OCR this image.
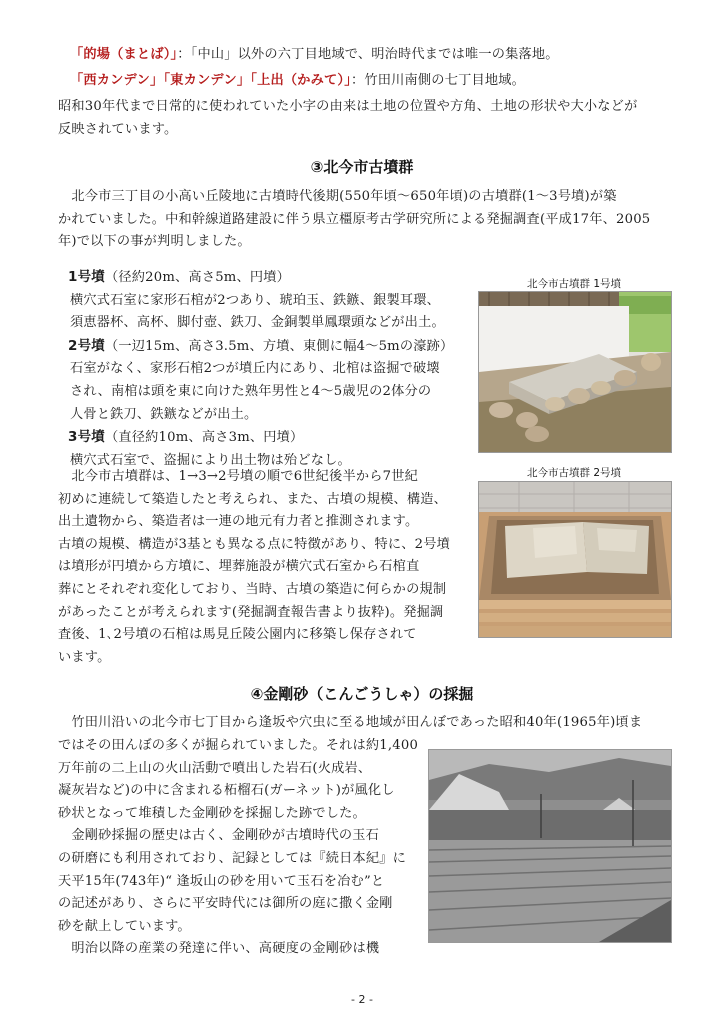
「的場（まとば）」：「中山」以外の六丁目地域で、明治時代までは唯一の集落地。
「西カンデン」「東カンデン」「上出（かみて）」：竹田川南側の七丁目地域。
昭和30年代まで日常的に使われていた小字の由来は土地の位置や方角、土地の形状や大小などが
反映されています。
③北今市古墳群
　北今市三丁目の小高い丘陵地に古墳時代後期(550年頃～650年頃)の古墳群(1～3号墳)が築
かれていました。中和幹線道路建設に伴う県立橿原考古学研究所による発掘調査(平成17年、2005
年)で以下の事が判明しました。
1号墳（径約20m、高さ5m、円墳）
横穴式石室に家形石棺が2つあり、琥珀玉、鉄鏃、銀製耳環、
須恵器杯、高杯、脚付壺、鉄刀、金銅製単鳳環頭などが出土。
2号墳（一辺15m、高さ3.5m、方墳、東側に幅4～5mの濠跡）
石室がなく、家形石棺2つが墳丘内にあり、北棺は盗掘で破壊
され、南棺は頭を東に向けた熟年男性と4～5歳児の2体分の
人骨と鉄刀、鉄鏃などが出土。
3号墳（直径約10m、高さ3m、円墳）
横穴式石室で、盗掘により出土物は殆どなし。
　北今市古墳群は、1→3→2号墳の順で6世紀後半から7世紀
初めに連続して築造したと考えられ、また、古墳の規模、構造、
出土遺物から、築造者は一連の地元有力者と推測されます。
古墳の規模、構造が3基とも異なる点に特徴があり、特に、2号墳
は墳形が円墳から方墳に、埋葬施設が横穴式石室から石棺直
葬にとそれぞれ変化しており、当時、古墳の築造に何らかの規制
があったことが考えられます(発掘調査報告書より抜粋)。発掘調
査後、1､2号墳の石棺は馬見丘陵公園内に移築し保存されて
います。
北今市古墳群 1号墳
北今市古墳群 2号墳
④金剛砂（こんごうしゃ）の採掘
　竹田川沿いの北今市七丁目から逢坂や穴虫に至る地域が田んぼであった昭和40年(1965年)頃ま
ではその田んぼの多くが掘られていました。それは約1,400
万年前の二上山の火山活動で噴出した岩石(火成岩、
凝灰岩など)の中に含まれる柘榴石(ガーネット)が風化し
砂状となって堆積した金剛砂を採掘した跡でした。
　金剛砂採掘の歴史は古く、金剛砂が古墳時代の玉石
の研磨にも利用されており、記録としては『続日本紀』に
天平15年(743年)“ 逢坂山の砂を用いて玉石を冶む”と
の記述があり、さらに平安時代には御所の庭に撒く金剛
砂を献上しています。
　明治以降の産業の発達に伴い、高硬度の金剛砂は機
- 2 -
